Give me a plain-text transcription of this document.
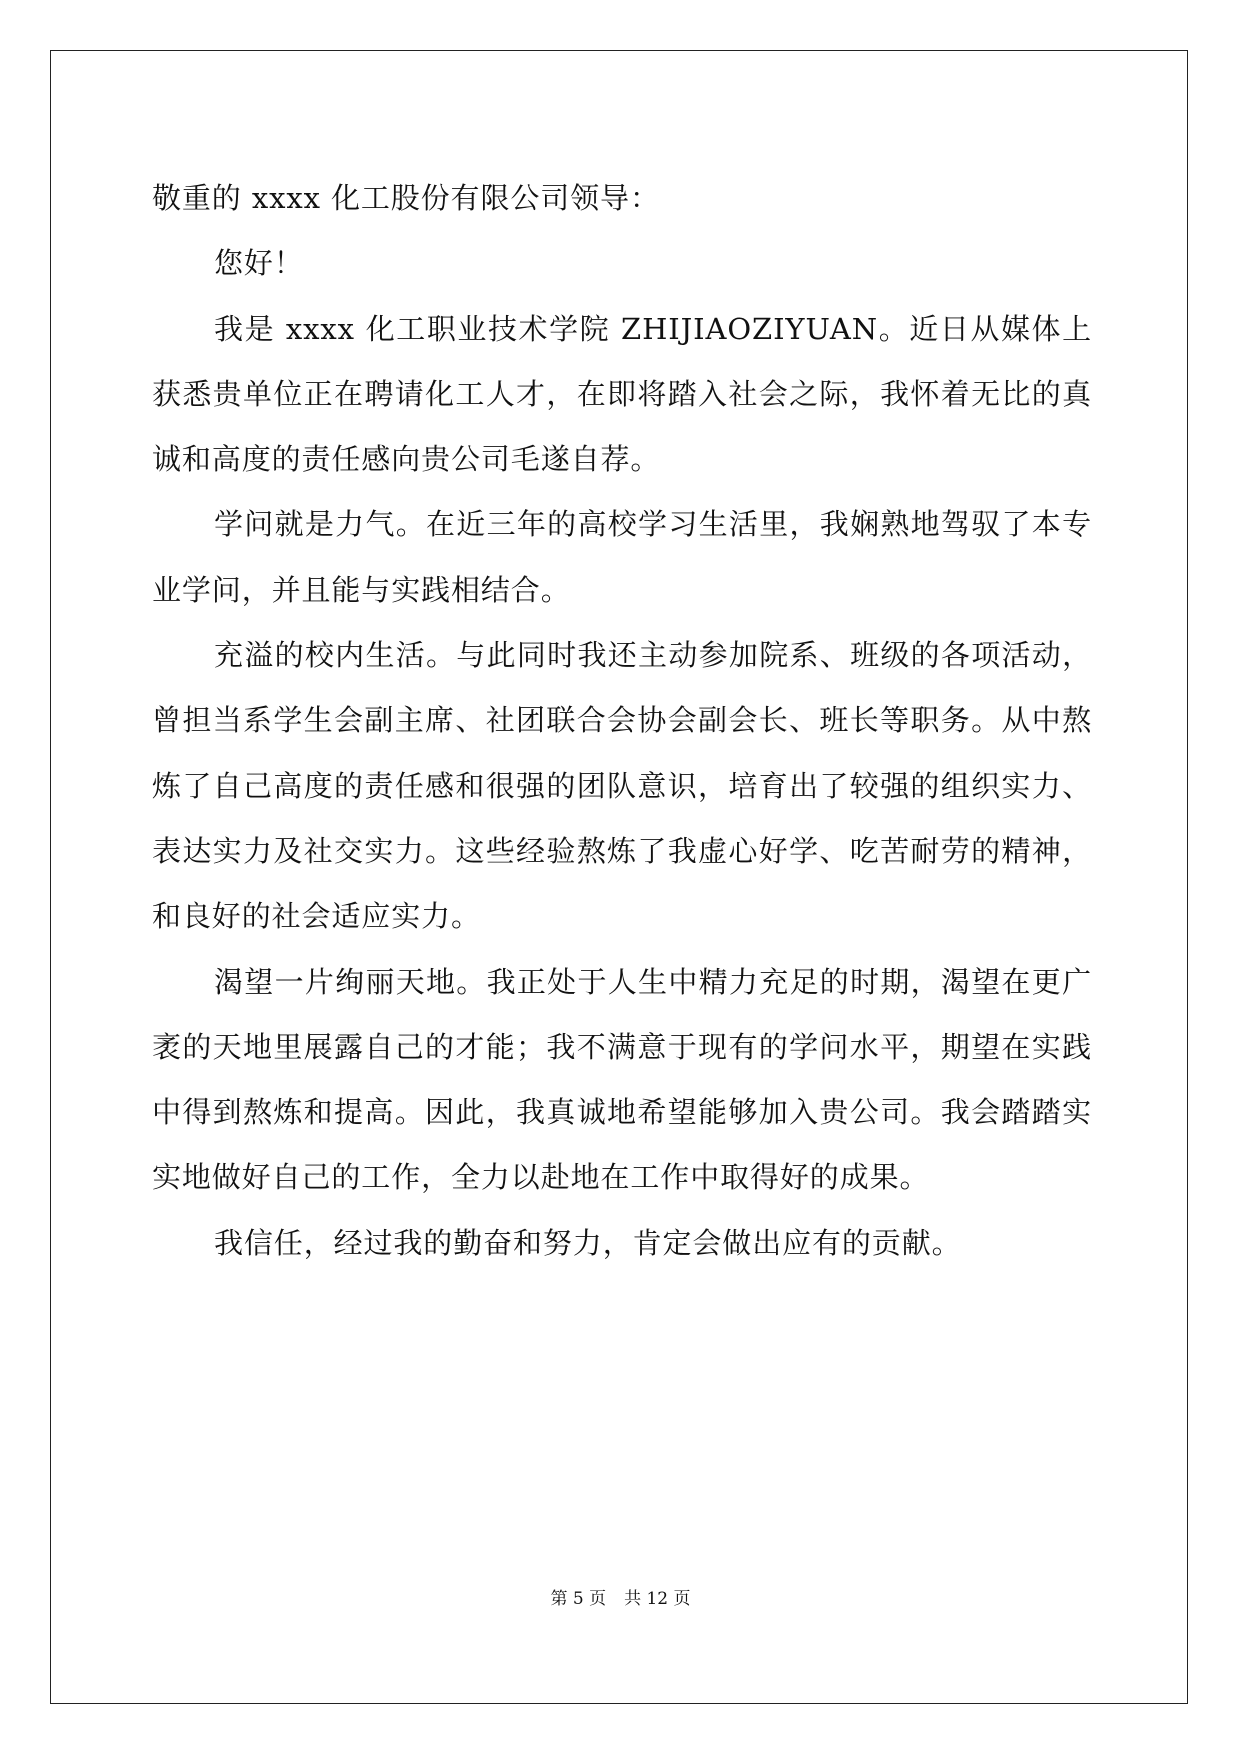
敬重的 xxxx 化工股份有限公司领导：

您好！

我是 xxxx 化工职业技术学院 ZHIJIAOZIYUAN。近日从媒体上获悉贵单位正在聘请化工人才，在即将踏入社会之际，我怀着无比的真诚和高度的责任感向贵公司毛遂自荐。

学问就是力气。在近三年的高校学习生活里，我娴熟地驾驭了本专业学问，并且能与实践相结合。

充溢的校内生活。与此同时我还主动参加院系、班级的各项活动，曾担当系学生会副主席、社团联合会协会副会长、班长等职务。从中熬炼了自己高度的责任感和很强的团队意识，培育出了较强的组织实力、表达实力及社交实力。这些经验熬炼了我虚心好学、吃苦耐劳的精神，和良好的社会适应实力。

渴望一片绚丽天地。我正处于人生中精力充足的时期，渴望在更广袤的天地里展露自己的才能；我不满意于现有的学问水平，期望在实践中得到熬炼和提高。因此，我真诚地希望能够加入贵公司。我会踏踏实实地做好自己的工作，全力以赴地在工作中取得好的成果。

我信任，经过我的勤奋和努力，肯定会做出应有的贡献。

第 5 页 共 12 页
